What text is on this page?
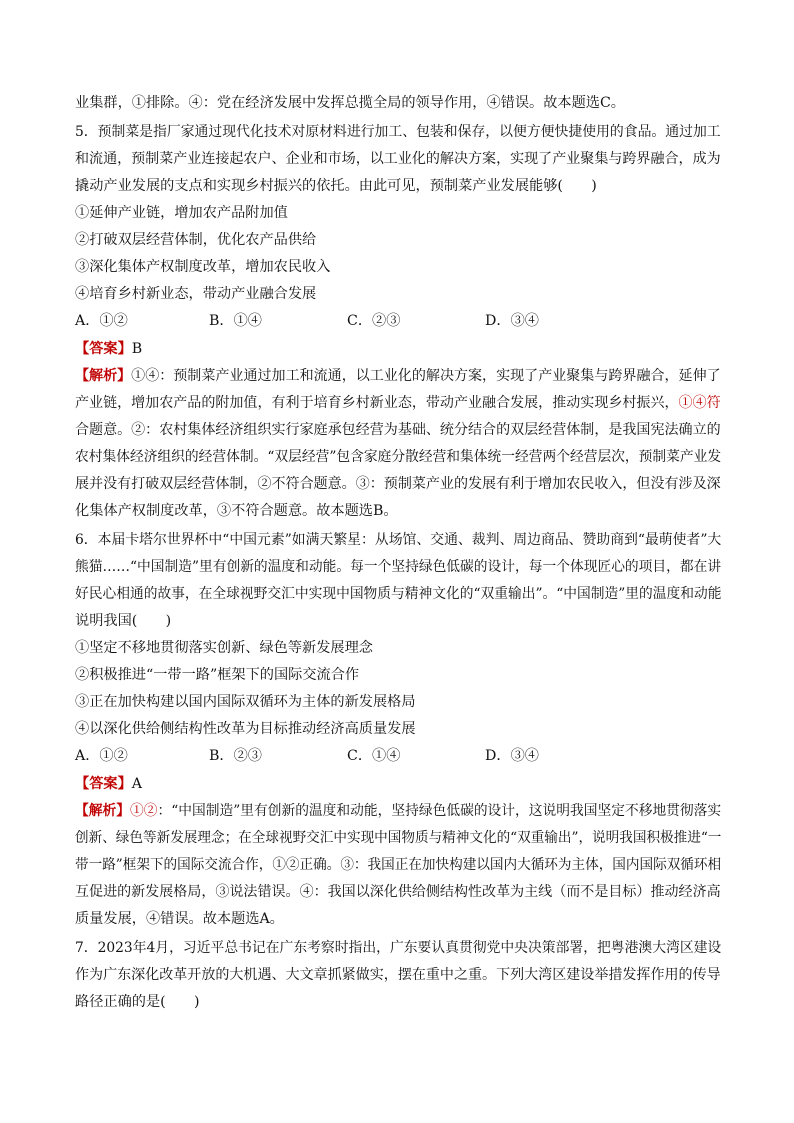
业集群，①排除。④：党在经济发展中发挥总揽全局的领导作用，④错误。故本题选C。
5．预制菜是指厂家通过现代化技术对原材料进行加工、包装和保存，以便方便快捷使用的食品。通过加工
和流通，预制菜产业连接起农户、企业和市场，以工业化的解决方案，实现了产业聚集与跨界融合，成为
撬动产业发展的支点和实现乡村振兴的依托。由此可见，预制菜产业发展能够(　　)
①延伸产业链，增加农产品附加值
②打破双层经营体制，优化农产品供给
③深化集体产权制度改革，增加农民收入
④培育乡村新业态，带动产业融合发展
A．①②	B．①④	C．②③	D．③④
【答案】B
【解析】①④：预制菜产业通过加工和流通，以工业化的解决方案，实现了产业聚集与跨界融合，延伸了
产业链，增加农产品的附加值，有利于培育乡村新业态，带动产业融合发展，推动实现乡村振兴，①④符
合题意。②：农村集体经济组织实行家庭承包经营为基础、统分结合的双层经营体制，是我国宪法确立的
农村集体经济组织的经营体制。“双层经营”包含家庭分散经营和集体统一经营两个经营层次，预制菜产业发
展并没有打破双层经营体制，②不符合题意。③：预制菜产业的发展有利于增加农民收入，但没有涉及深
化集体产权制度改革，③不符合题意。故本题选B。
6．本届卡塔尔世界杯中“中国元素”如满天繁星：从场馆、交通、裁判、周边商品、赞助商到“最萌使者”大
熊猫……“中国制造”里有创新的温度和动能。每一个坚持绿色低碳的设计，每一个体现匠心的项目，都在讲
好民心相通的故事，在全球视野交汇中实现中国物质与精神文化的“双重输出”。“中国制造”里的温度和动能
说明我国(　　)
①坚定不移地贯彻落实创新、绿色等新发展理念
②积极推进“一带一路”框架下的国际交流合作
③正在加快构建以国内国际双循环为主体的新发展格局
④以深化供给侧结构性改革为目标推动经济高质量发展
A．①②	B．②③	C．①④	D．③④
【答案】A
【解析】①②：“中国制造”里有创新的温度和动能，坚持绿色低碳的设计，这说明我国坚定不移地贯彻落实
创新、绿色等新发展理念；在全球视野交汇中实现中国物质与精神文化的“双重输出”，说明我国积极推进“一
带一路”框架下的国际交流合作，①②正确。③：我国正在加快构建以国内大循环为主体，国内国际双循环相
互促进的新发展格局，③说法错误。④：我国以深化供给侧结构性改革为主线（而不是目标）推动经济高
质量发展，④错误。故本题选A。
7．2023年4月，习近平总书记在广东考察时指出，广东要认真贯彻党中央决策部署，把粤港澳大湾区建设
作为广东深化改革开放的大机遇、大文章抓紧做实，摆在重中之重。下列大湾区建设举措发挥作用的传导
路径正确的是(　　)
